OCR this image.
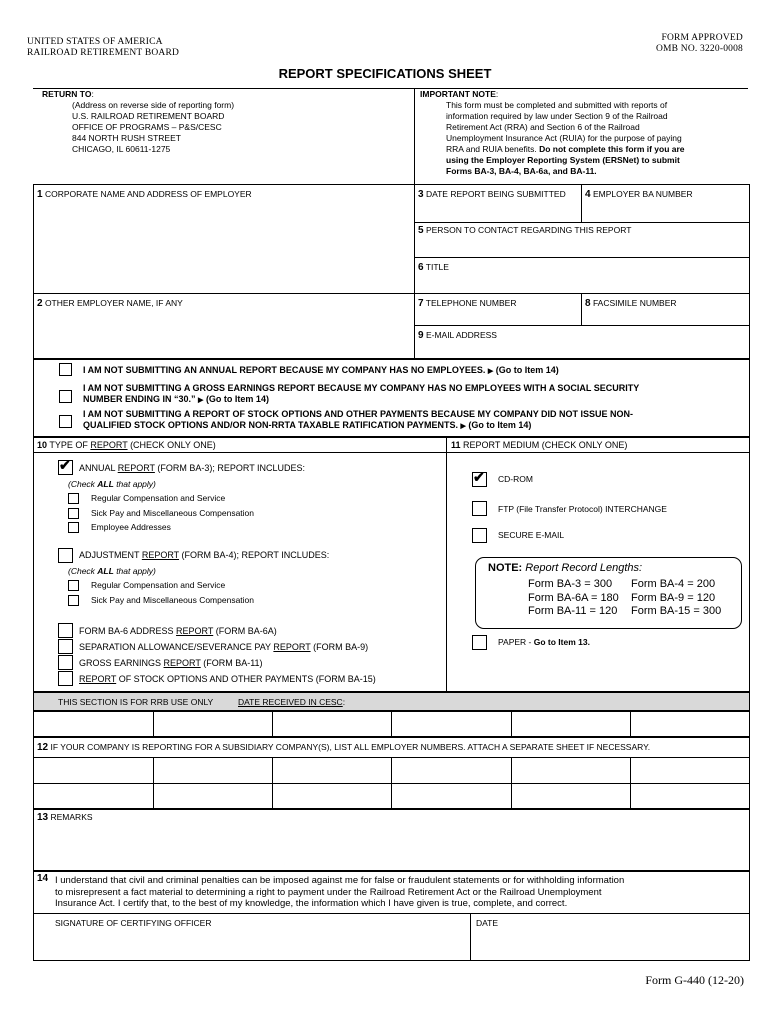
UNITED STATES OF AMERICA
RAILROAD RETIREMENT BOARD
FORM APPROVED
OMB NO. 3220-0008
REPORT SPECIFICATIONS SHEET
RETURN TO:
(Address on reverse side of reporting form)
U.S. RAILROAD RETIREMENT BOARD
OFFICE OF PROGRAMS – P&S/CESC
844 NORTH RUSH STREET
CHICAGO, IL 60611-1275
IMPORTANT NOTE:
This form must be completed and submitted with reports of
information required by law under Section 9 of the Railroad
Retirement Act (RRA) and Section 6 of the Railroad
Unemployment Insurance Act (RUIA) for the purpose of paying
RRA and RUIA benefits. Do not complete this form if you are
using the Employer Reporting System (ERSNet) to submit
Forms BA-3, BA-4, BA-6a, and BA-11.
1 CORPORATE NAME AND ADDRESS OF EMPLOYER
2 OTHER EMPLOYER NAME, IF ANY
3 DATE REPORT BEING SUBMITTED 4 EMPLOYER BA NUMBER
5 PERSON TO CONTACT REGARDING THIS REPORT
6 TITLE
7 TELEPHONE NUMBER	8 FACSIMILE NUMBER
9 E-MAIL ADDRESS
I AM NOT SUBMITTING AN ANNUAL REPORT BECAUSE MY COMPANY HAS NO EMPLOYEES. ▶ (Go to Item 14)
I AM NOT SUBMITTING A GROSS EARNINGS REPORT BECAUSE MY COMPANY HAS NO EMPLOYEES WITH A SOCIAL SECURITY
NUMBER ENDING IN “30.” ▶ (Go to Item 14)
I AM NOT SUBMITTING A REPORT OF STOCK OPTIONS AND OTHER PAYMENTS BECAUSE MY COMPANY DID NOT ISSUE NON-
QUALIFIED STOCK OPTIONS AND/OR NON-RRTA TAXABLE RATIFICATION PAYMENTS. ▶ (Go to Item 14)
10 TYPE OF REPORT (CHECK ONLY ONE)	11 REPORT MEDIUM (CHECK ONLY ONE)
✔ ANNUAL REPORT (FORM BA-3); REPORT INCLUDES:
(Check ALL that apply)
Regular Compensation and Service
Sick Pay and Miscellaneous Compensation
Employee Addresses
ADJUSTMENT REPORT (FORM BA-4); REPORT INCLUDES:
(Check ALL that apply)
Regular Compensation and Service
Sick Pay and Miscellaneous Compensation
FORM BA-6 ADDRESS REPORT (FORM BA-6A)
SEPARATION ALLOWANCE/SEVERANCE PAY REPORT (FORM BA-9)
GROSS EARNINGS REPORT (FORM BA-11)
REPORT OF STOCK OPTIONS AND OTHER PAYMENTS (FORM BA-15)
✔ CD-ROM
FTP (File Transfer Protocol) INTERCHANGE
SECURE E-MAIL
NOTE: Report Record Lengths:
Form BA-3 = 300 Form BA-4 = 200
Form BA-6A = 180 Form BA-9 = 120
Form BA-11 = 120 Form BA-15 = 300
PAPER - Go to Item 13.
THIS SECTION IS FOR RRB USE ONLY	DATE RECEIVED IN CESC:
12 IF YOUR COMPANY IS REPORTING FOR A SUBSIDIARY COMPANY(S), LIST ALL EMPLOYER NUMBERS. ATTACH A SEPARATE SHEET IF NECESSARY.
13 REMARKS
14 I understand that civil and criminal penalties can be imposed against me for false or fraudulent statements or for withholding information
to misrepresent a fact material to determining a right to payment under the Railroad Retirement Act or the Railroad Unemployment
Insurance Act. I certify that, to the best of my knowledge, the information which I have given is true, complete, and correct.
SIGNATURE OF CERTIFYING OFFICER	DATE
Form G-440 (12-20)
